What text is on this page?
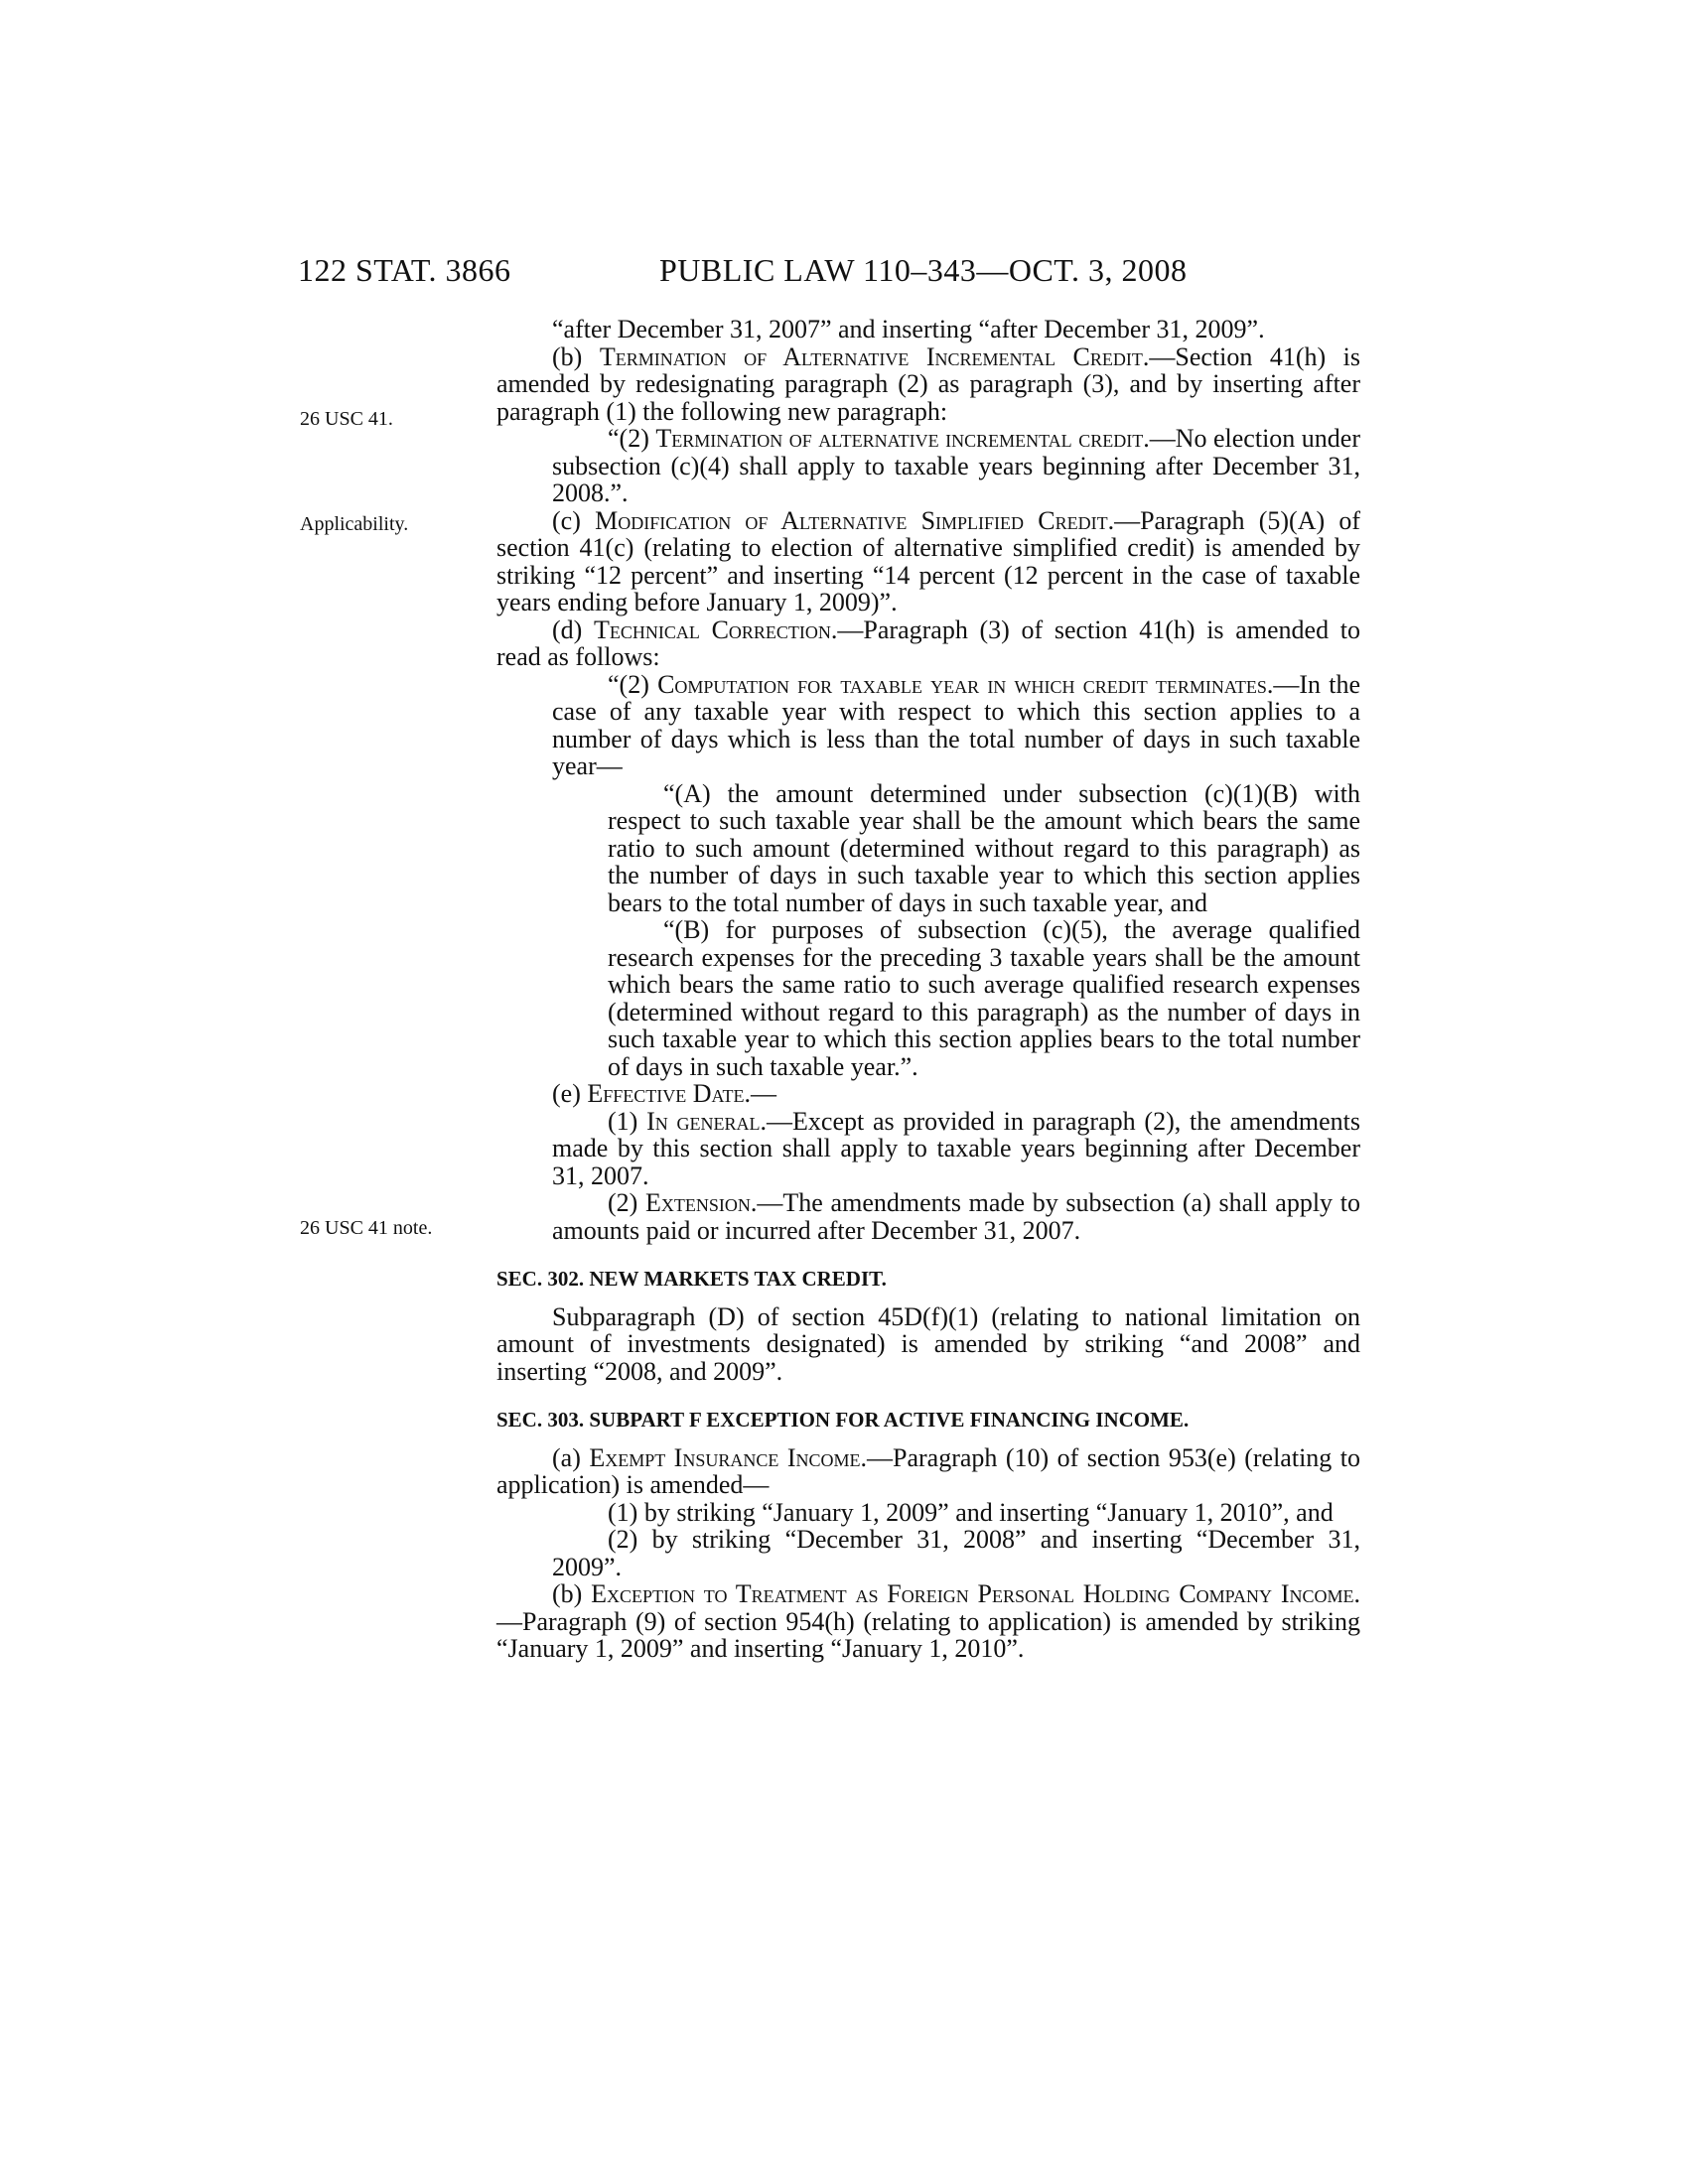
122 STAT. 3866	PUBLIC LAW 110–343—OCT. 3, 2008
26 USC 41.
Applicability.
26 USC 41 note.

“after December 31, 2007” and inserting “after December 31, 2009”.

(b) Termination of Alternative Incremental Credit.—Section 41(h) is amended by redesignating paragraph (2) as paragraph (3), and by inserting after paragraph (1) the following new paragraph:

“(2) Termination of alternative incremental credit.—No election under subsection (c)(4) shall apply to taxable years beginning after December 31, 2008.”.

(c) Modification of Alternative Simplified Credit.—Paragraph (5)(A) of section 41(c) (relating to election of alternative simplified credit) is amended by striking “12 percent” and inserting “14 percent (12 percent in the case of taxable years ending before January 1, 2009)”.

(d) Technical Correction.—Paragraph (3) of section 41(h) is amended to read as follows:

“(2) Computation for taxable year in which credit terminates.—In the case of any taxable year with respect to which this section applies to a number of days which is less than the total number of days in such taxable year—

“(A) the amount determined under subsection (c)(1)(B) with respect to such taxable year shall be the amount which bears the same ratio to such amount (determined without regard to this paragraph) as the number of days in such taxable year to which this section applies bears to the total number of days in such taxable year, and

“(B) for purposes of subsection (c)(5), the average qualified research expenses for the preceding 3 taxable years shall be the amount which bears the same ratio to such average qualified research expenses (determined without regard to this paragraph) as the number of days in such taxable year to which this section applies bears to the total number of days in such taxable year.”.

(e) Effective Date.—

(1) In general.—Except as provided in paragraph (2), the amendments made by this section shall apply to taxable years beginning after December 31, 2007.

(2) Extension.—The amendments made by subsection (a) shall apply to amounts paid or incurred after December 31, 2007.

SEC. 302. NEW MARKETS TAX CREDIT.

Subparagraph (D) of section 45D(f)(1) (relating to national limitation on amount of investments designated) is amended by striking “and 2008” and inserting “2008, and 2009”.

SEC. 303. SUBPART F EXCEPTION FOR ACTIVE FINANCING INCOME.

(a) Exempt Insurance Income.—Paragraph (10) of section 953(e) (relating to application) is amended—

(1) by striking “January 1, 2009” and inserting “January 1, 2010”, and

(2) by striking “December 31, 2008” and inserting “December 31, 2009”.

(b) Exception to Treatment as Foreign Personal Holding Company Income.—Paragraph (9) of section 954(h) (relating to application) is amended by striking “January 1, 2009” and inserting “January 1, 2010”.
